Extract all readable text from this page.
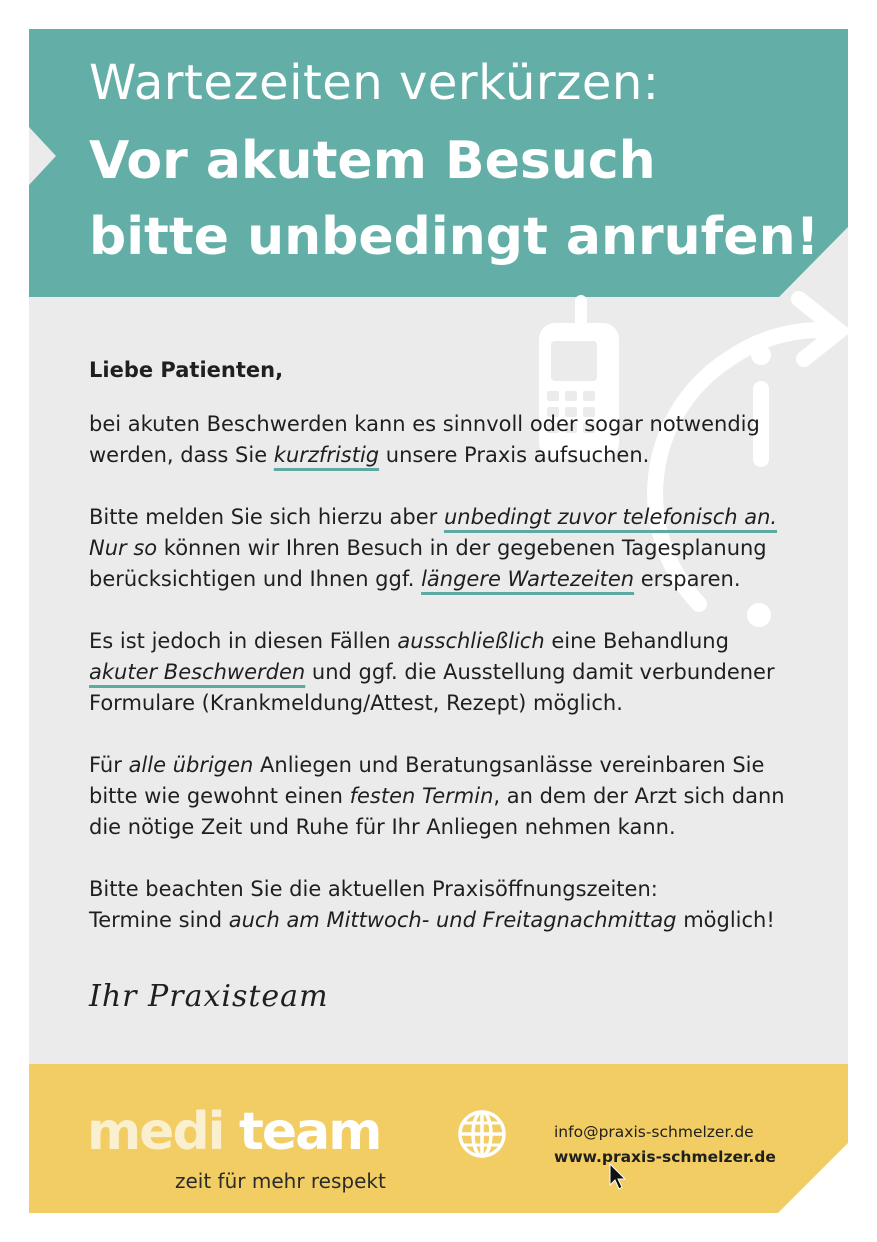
Wartezeiten verkürzen:
Vor akutem Besuch
bitte unbedingt anrufen!
Liebe Patienten,
bei akuten Beschwerden kann es sinnvoll oder sogar notwendig
werden, dass Sie kurzfristig unsere Praxis aufsuchen.
Bitte melden Sie sich hierzu aber unbedingt zuvor telefonisch an.
Nur so können wir Ihren Besuch in der gegebenen Tagesplanung
berücksichtigen und Ihnen ggf. längere Wartezeiten ersparen.
Es ist jedoch in diesen Fällen ausschließlich eine Behandlung
akuter Beschwerden und ggf. die Ausstellung damit verbundener
Formulare (Krankmeldung/Attest, Rezept) möglich.
Für alle übrigen Anliegen und Beratungsanlässe vereinbaren Sie
bitte wie gewohnt einen festen Termin, an dem der Arzt sich dann
die nötige Zeit und Ruhe für Ihr Anliegen nehmen kann.
Bitte beachten Sie die aktuellen Praxisöffnungszeiten:
Termine sind auch am Mittwoch- und Freitagnachmittag möglich!
Ihr Praxisteam
medi team
zeit für mehr respekt
info@praxis-schmelzer.de
www.praxis-schmelzer.de
